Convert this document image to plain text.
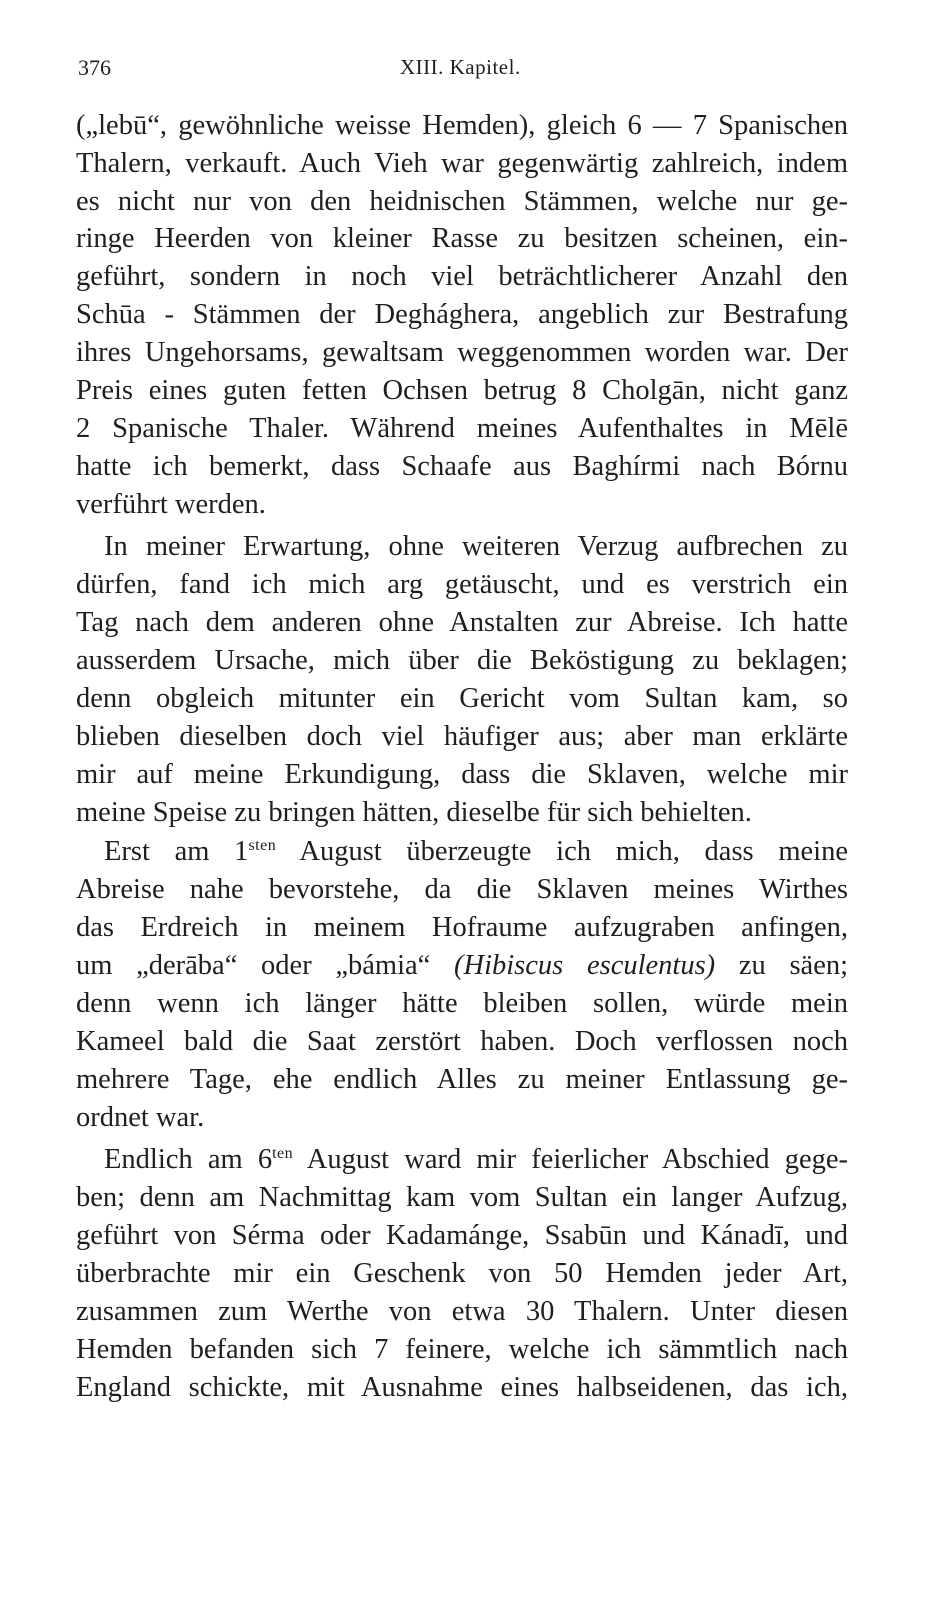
376	XIII. Kapitel.
(„lebū“, gewöhnliche weisse Hemden), gleich 6 — 7 Spanischen
Thalern, verkauft. Auch Vieh war gegenwärtig zahlreich, indem
es nicht nur von den heidnischen Stämmen, welche nur ge-
ringe Heerden von kleiner Rasse zu besitzen scheinen, ein-
geführt, sondern in noch viel beträchtlicherer Anzahl den
Schūa - Stämmen der Deghághera, angeblich zur Bestrafung
ihres Ungehorsams, gewaltsam weggenommen worden war. Der
Preis eines guten fetten Ochsen betrug 8 Cholgān, nicht ganz
2 Spanische Thaler. Während meines Aufenthaltes in Mēlē
hatte ich bemerkt, dass Schaafe aus Baghírmi nach Bórnu
verführt werden.
In meiner Erwartung, ohne weiteren Verzug aufbrechen zu
dürfen, fand ich mich arg getäuscht, und es verstrich ein
Tag nach dem anderen ohne Anstalten zur Abreise. Ich hatte
ausserdem Ursache, mich über die Beköstigung zu beklagen;
denn obgleich mitunter ein Gericht vom Sultan kam, so
blieben dieselben doch viel häufiger aus; aber man erklärte
mir auf meine Erkundigung, dass die Sklaven, welche mir
meine Speise zu bringen hätten, dieselbe für sich behielten.
Erst am $1^{sten}$ August überzeugte ich mich, dass meine
Abreise nahe bevorstehe, da die Sklaven meines Wirthes
das Erdreich in meinem Hofraume aufzugraben anfingen,
um „derāba“ oder „bámia“ (Hibiscus esculentus) zu säen;
denn wenn ich länger hätte bleiben sollen, würde mein
Kameel bald die Saat zerstört haben. Doch verflossen noch
mehrere Tage, ehe endlich Alles zu meiner Entlassung ge-
ordnet war.
Endlich am $6^{ten}$ August ward mir feierlicher Abschied gege-
ben; denn am Nachmittag kam vom Sultan ein langer Aufzug,
geführt von Sérma oder Kadamánge, Ssabūn und Kánadī, und
überbrachte mir ein Geschenk von 50 Hemden jeder Art,
zusammen zum Werthe von etwa 30 Thalern. Unter diesen
Hemden befanden sich 7 feinere, welche ich sämmtlich nach
England schickte, mit Ausnahme eines halbseidenen, das ich,
